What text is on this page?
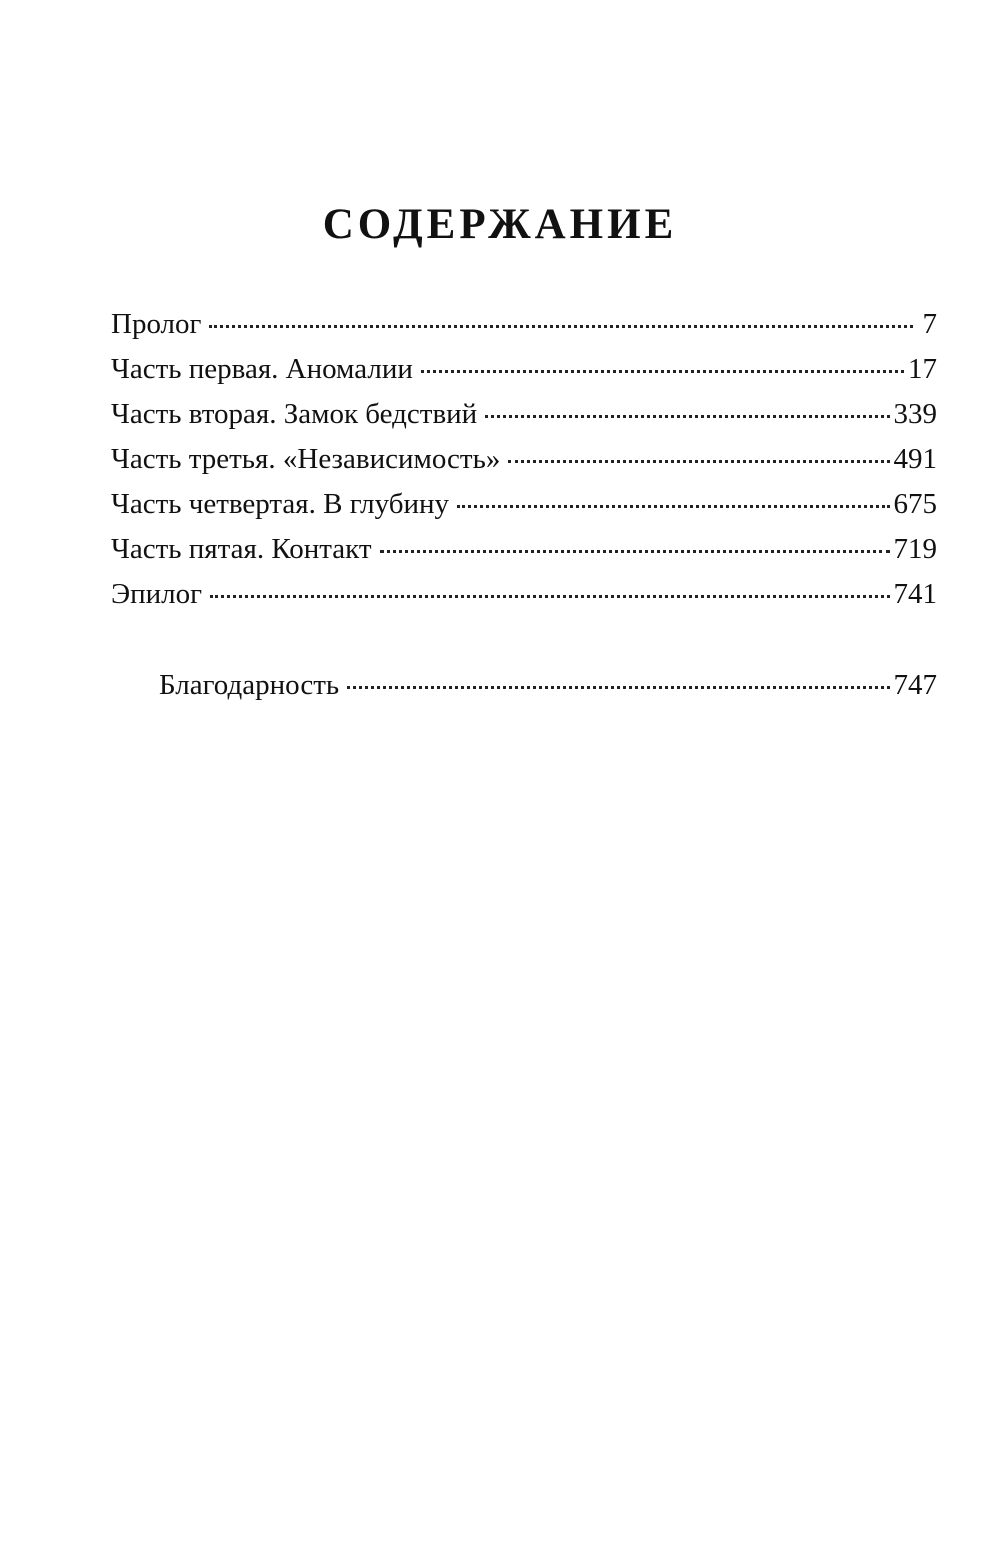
СОДЕРЖАНИЕ
Пролог	7
Часть первая. Аномалии	17
Часть вторая. Замок бедствий	339
Часть третья. «Независимость»	491
Часть четвертая. В глубину	675
Часть пятая. Контакт	719
Эпилог	741
Благодарность	747
